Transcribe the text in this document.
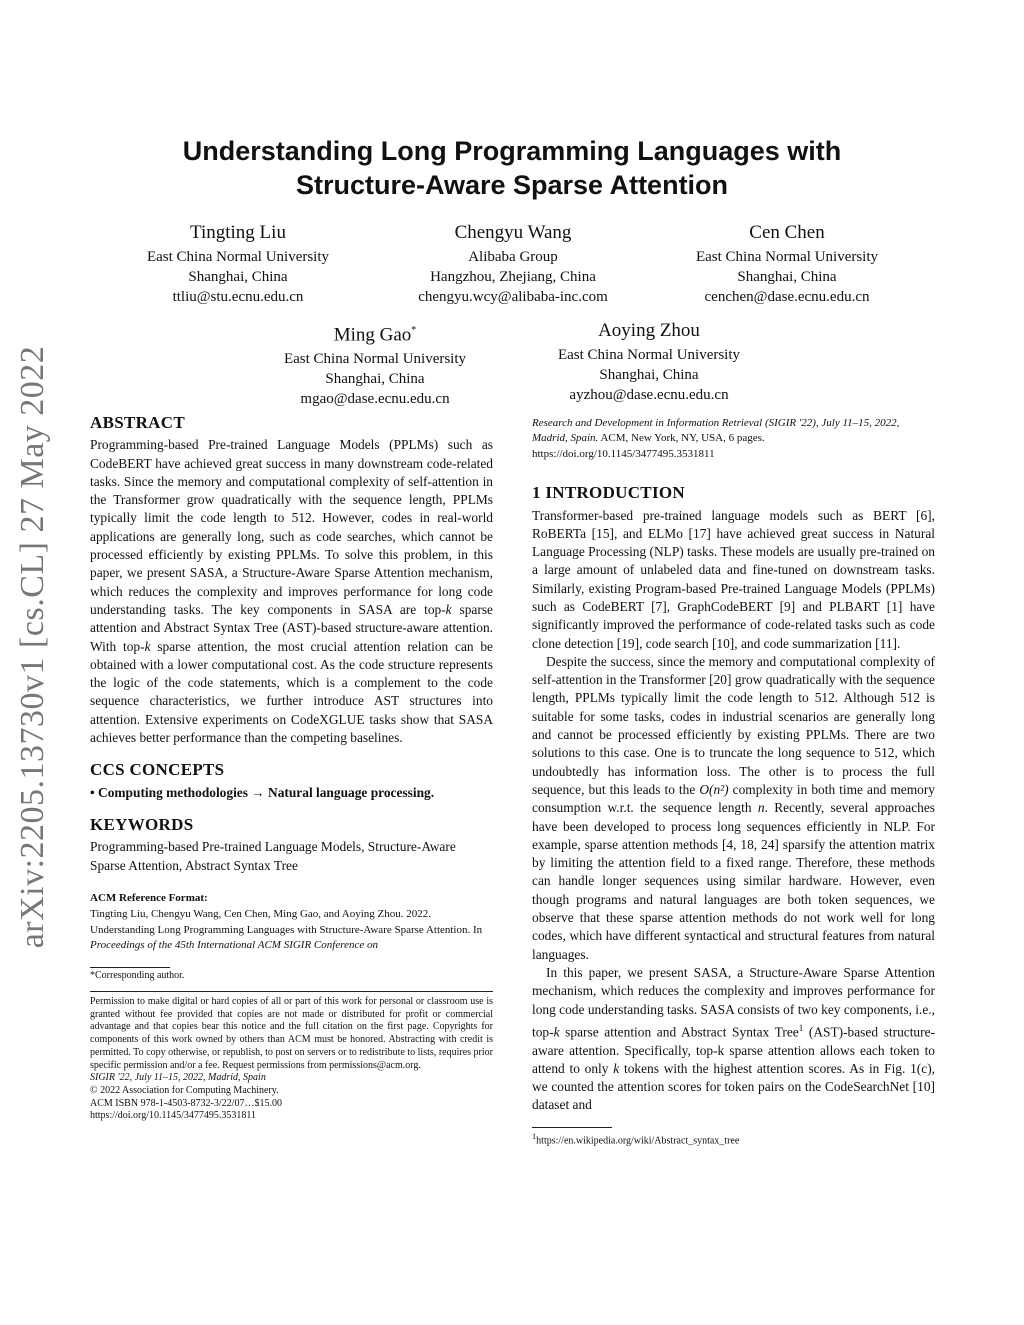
arXiv:2205.13730v1 [cs.CL] 27 May 2022
Understanding Long Programming Languages with
Structure-Aware Sparse Attention
Tingting Liu
East China Normal University
Shanghai, China
ttliu@stu.ecnu.edu.cn
Chengyu Wang
Alibaba Group
Hangzhou, Zhejiang, China
chengyu.wcy@alibaba-inc.com
Cen Chen
East China Normal University
Shanghai, China
cenchen@dase.ecnu.edu.cn
Ming Gao*
East China Normal University
Shanghai, China
mgao@dase.ecnu.edu.cn
Aoying Zhou
East China Normal University
Shanghai, China
ayzhou@dase.ecnu.edu.cn
ABSTRACT

Programming-based Pre-trained Language Models (PPLMs) such as CodeBERT have achieved great success in many downstream code-related tasks. Since the memory and computational complexity of self-attention in the Transformer grow quadratically with the sequence length, PPLMs typically limit the code length to 512. However, codes in real-world applications are generally long, such as code searches, which cannot be processed efficiently by existing PPLMs. To solve this problem, in this paper, we present SASA, a Structure-Aware Sparse Attention mechanism, which reduces the complexity and improves performance for long code understanding tasks. The key components in SASA are top-k sparse attention and Abstract Syntax Tree (AST)-based structure-aware attention. With top-k sparse attention, the most crucial attention relation can be obtained with a lower computational cost. As the code structure represents the logic of the code statements, which is a complement to the code sequence characteristics, we further introduce AST structures into attention. Extensive experiments on CodeXGLUE tasks show that SASA achieves better performance than the competing baselines.

CCS CONCEPTS

• Computing methodologies → Natural language processing.

KEYWORDS

Programming-based Pre-trained Language Models, Structure-Aware Sparse Attention, Abstract Syntax Tree

ACM Reference Format:

Tingting Liu, Chengyu Wang, Cen Chen, Ming Gao, and Aoying Zhou. 2022. Understanding Long Programming Languages with Structure-Aware Sparse Attention. In Proceedings of the 45th International ACM SIGIR Conference on

*Corresponding author.

Permission to make digital or hard copies of all or part of this work for personal or classroom use is granted without fee provided that copies are not made or distributed for profit or commercial advantage and that copies bear this notice and the full citation on the first page. Copyrights for components of this work owned by others than ACM must be honored. Abstracting with credit is permitted. To copy otherwise, or republish, to post on servers or to redistribute to lists, requires prior specific permission and/or a fee. Request permissions from permissions@acm.org.

SIGIR '22, July 11–15, 2022, Madrid, Spain

© 2022 Association for Computing Machinery.

ACM ISBN 978-1-4503-8732-3/22/07…$15.00

https://doi.org/10.1145/3477495.3531811

Research and Development in Information Retrieval (SIGIR '22), July 11–15, 2022, Madrid, Spain. ACM, New York, NY, USA, 6 pages. https://doi.org/10.1145/3477495.3531811

1 INTRODUCTION

Transformer-based pre-trained language models such as BERT [6], RoBERTa [15], and ELMo [17] have achieved great success in Natural Language Processing (NLP) tasks. These models are usually pre-trained on a large amount of unlabeled data and fine-tuned on downstream tasks. Similarly, existing Program-based Pre-trained Language Models (PPLMs) such as CodeBERT [7], GraphCodeBERT [9] and PLBART [1] have significantly improved the performance of code-related tasks such as code clone detection [19], code search [10], and code summarization [11].

Despite the success, since the memory and computational complexity of self-attention in the Transformer [20] grow quadratically with the sequence length, PPLMs typically limit the code length to 512. Although 512 is suitable for some tasks, codes in industrial scenarios are generally long and cannot be processed efficiently by existing PPLMs. There are two solutions to this case. One is to truncate the long sequence to 512, which undoubtedly has information loss. The other is to process the full sequence, but this leads to the O(n²) complexity in both time and memory consumption w.r.t. the sequence length n. Recently, several approaches have been developed to process long sequences efficiently in NLP. For example, sparse attention methods [4, 18, 24] sparsify the attention matrix by limiting the attention field to a fixed range. Therefore, these methods can handle longer sequences using similar hardware. However, even though programs and natural languages are both token sequences, we observe that these sparse attention methods do not work well for long codes, which have different syntactical and structural features from natural languages.

In this paper, we present SASA, a Structure-Aware Sparse Attention mechanism, which reduces the complexity and improves performance for long code understanding tasks. SASA consists of two key components, i.e., top-k sparse attention and Abstract Syntax Tree$^1$ (AST)-based structure-aware attention. Specifically, top-k sparse attention allows each token to attend to only k tokens with the highest attention scores. As in Fig. 1(c), we counted the attention scores for token pairs on the CodeSearchNet [10] dataset and

$^1$https://en.wikipedia.org/wiki/Abstract_syntax_tree
